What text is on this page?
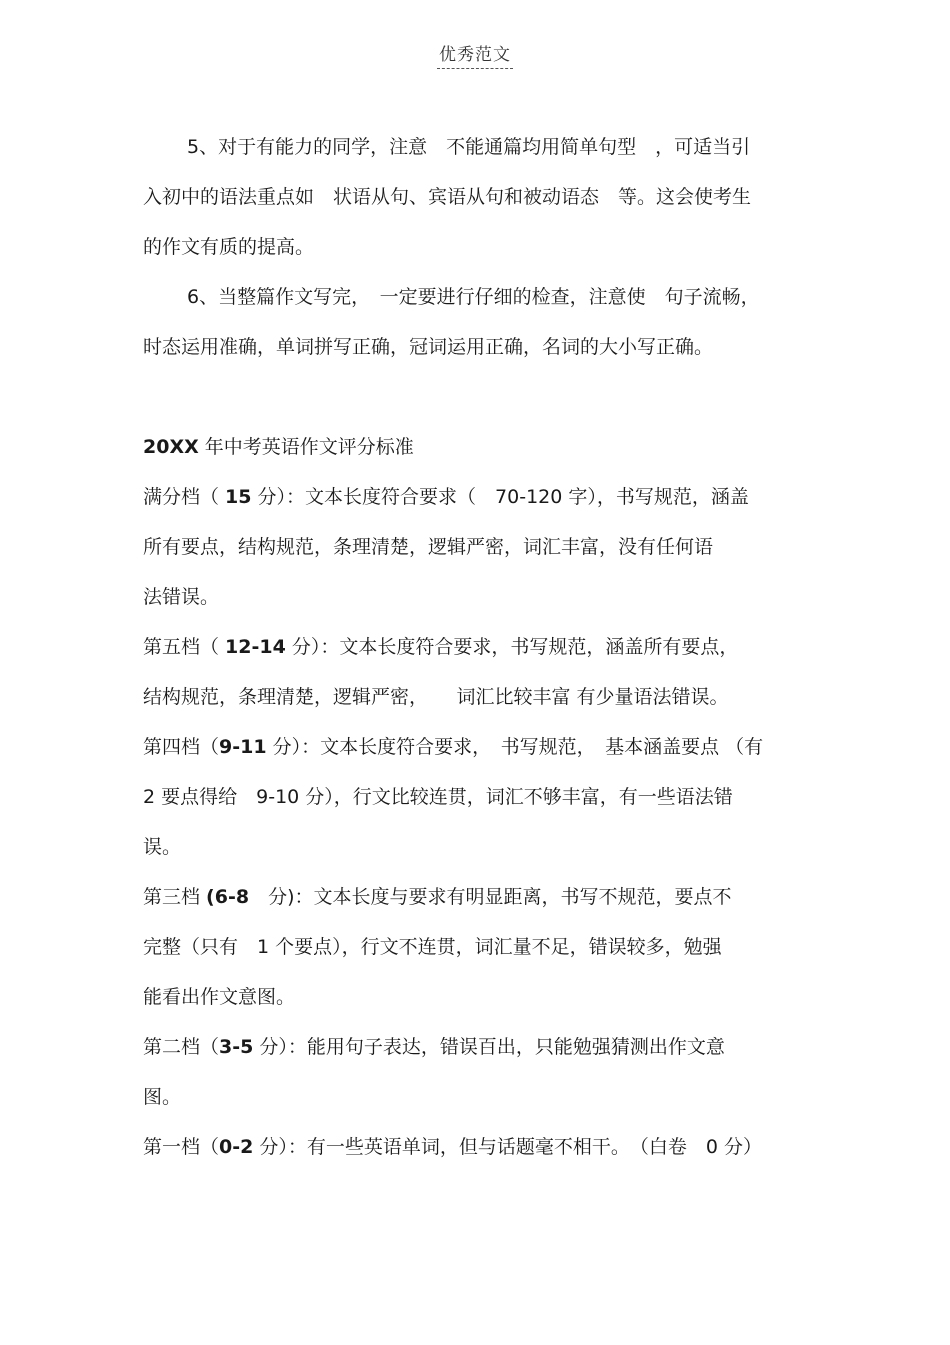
优秀范文
5、对于有能力的同学，注意　不能通篇均用简单句型　，可适当引
入初中的语法重点如　状语从句、宾语从句和被动语态　等。这会使考生
的作文有质的提高。
6、当整篇作文写完，　一定要进行仔细的检查，注意使　句子流畅，
时态运用准确，单词拼写正确，冠词运用正确，名词的大小写正确。
20XX 年中考英语作文评分标准
满分档（ 15 分）：文本长度符合要求（　70-120 字），书写规范，涵盖
所有要点，结构规范，条理清楚，逻辑严密，词汇丰富，没有任何语
法错误。
第五档（ 12-14 分）：文本长度符合要求，书写规范，涵盖所有要点，
结构规范，条理清楚，逻辑严密，　　词汇比较丰富 有少量语法错误。
第四档（9-11 分）：文本长度符合要求，　书写规范，　基本涵盖要点 （有
2 要点得给　9-10 分），行文比较连贯，词汇不够丰富，有一些语法错
误。
第三档 (6-8　分)：文本长度与要求有明显距离，书写不规范，要点不
完整（只有　1 个要点），行文不连贯，词汇量不足，错误较多，勉强
能看出作文意图。
第二档（3-5 分）：能用句子表达，错误百出，只能勉强猜测出作文意
图。
第一档（0-2 分）：有一些英语单词，但与话题毫不相干。　（白卷　0 分）
